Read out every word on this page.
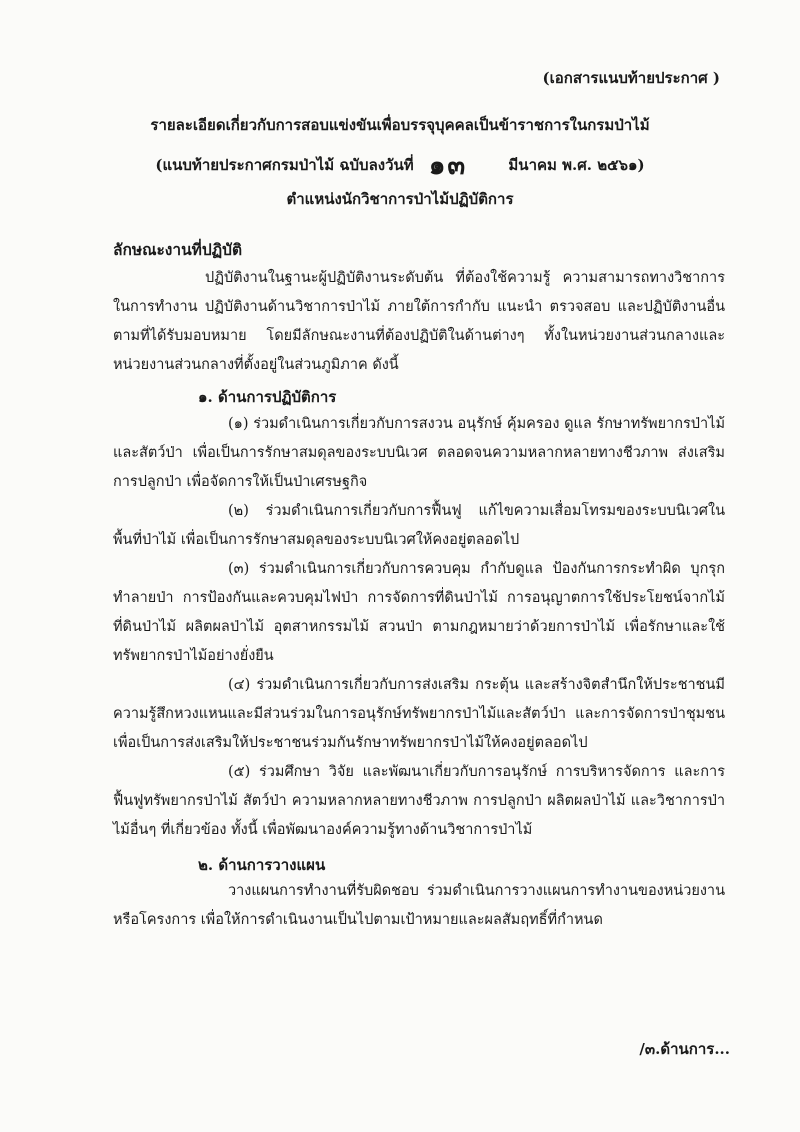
(เอกสารแนบท้ายประกาศ )
รายละเอียดเกี่ยวกับการสอบแข่งขันเพื่อบรรจุบุคคลเป็นข้าราชการในกรมป่าไม้
(แนบท้ายประกาศกรมป่าไม้ ฉบับลงวันที่ ๑๓	มีนาคม พ.ศ. ๒๕๖๑)
ตำแหน่งนักวิชาการป่าไม้ปฏิบัติการ
ลักษณะงานที่ปฏิบัติ
ปฏิบัติงานในฐานะผู้ปฏิบัติงานระดับต้น ที่ต้องใช้ความรู้ ความสามารถทางวิชาการในการทำงาน ปฏิบัติงานด้านวิชาการป่าไม้ ภายใต้การกำกับ แนะนำ ตรวจสอบ และปฏิบัติงานอื่นตามที่ได้รับมอบหมาย โดยมีลักษณะงานที่ต้องปฏิบัติในด้านต่างๆ ทั้งในหน่วยงานส่วนกลางและหน่วยงานส่วนกลางที่ตั้งอยู่ในส่วนภูมิภาค ดังนี้
๑. ด้านการปฏิบัติการ
(๑) ร่วมดำเนินการเกี่ยวกับการสงวน อนุรักษ์ คุ้มครอง ดูแล รักษาทรัพยากรป่าไม้และสัตว์ป่า เพื่อเป็นการรักษาสมดุลของระบบนิเวศ ตลอดจนความหลากหลายทางชีวภาพ ส่งเสริมการปลูกป่า เพื่อจัดการให้เป็นป่าเศรษฐกิจ
(๒) ร่วมดำเนินการเกี่ยวกับการฟื้นฟู แก้ไขความเสื่อมโทรมของระบบนิเวศในพื้นที่ป่าไม้ เพื่อเป็นการรักษาสมดุลของระบบนิเวศให้คงอยู่ตลอดไป
(๓) ร่วมดำเนินการเกี่ยวกับการควบคุม กำกับดูแล ป้องกันการกระทำผิด บุกรุกทำลายป่า การป้องกันและควบคุมไฟป่า การจัดการที่ดินป่าไม้ การอนุญาตการใช้ประโยชน์จากไม้ที่ดินป่าไม้ ผลิตผลป่าไม้ อุตสาหกรรมไม้ สวนป่า ตามกฎหมายว่าด้วยการป่าไม้ เพื่อรักษาและใช้ทรัพยากรป่าไม้อย่างยั่งยืน
(๔) ร่วมดำเนินการเกี่ยวกับการส่งเสริม กระตุ้น และสร้างจิตสำนึกให้ประชาชนมีความรู้สึกหวงแหนและมีส่วนร่วมในการอนุรักษ์ทรัพยากรป่าไม้และสัตว์ป่า และการจัดการป่าชุมชนเพื่อเป็นการส่งเสริมให้ประชาชนร่วมกันรักษาทรัพยากรป่าไม้ให้คงอยู่ตลอดไป
(๕) ร่วมศึกษา วิจัย และพัฒนาเกี่ยวกับการอนุรักษ์ การบริหารจัดการ และการฟื้นฟูทรัพยากรป่าไม้ สัตว์ป่า ความหลากหลายทางชีวภาพ การปลูกป่า ผลิตผลป่าไม้ และวิชาการป่าไม้อื่นๆ ที่เกี่ยวข้อง ทั้งนี้ เพื่อพัฒนาองค์ความรู้ทางด้านวิชาการป่าไม้
๒. ด้านการวางแผน
วางแผนการทำงานที่รับผิดชอบ ร่วมดำเนินการวางแผนการทำงานของหน่วยงานหรือโครงการ เพื่อให้การดำเนินงานเป็นไปตามเป้าหมายและผลสัมฤทธิ์ที่กำหนด
/๓.ด้านการ...
